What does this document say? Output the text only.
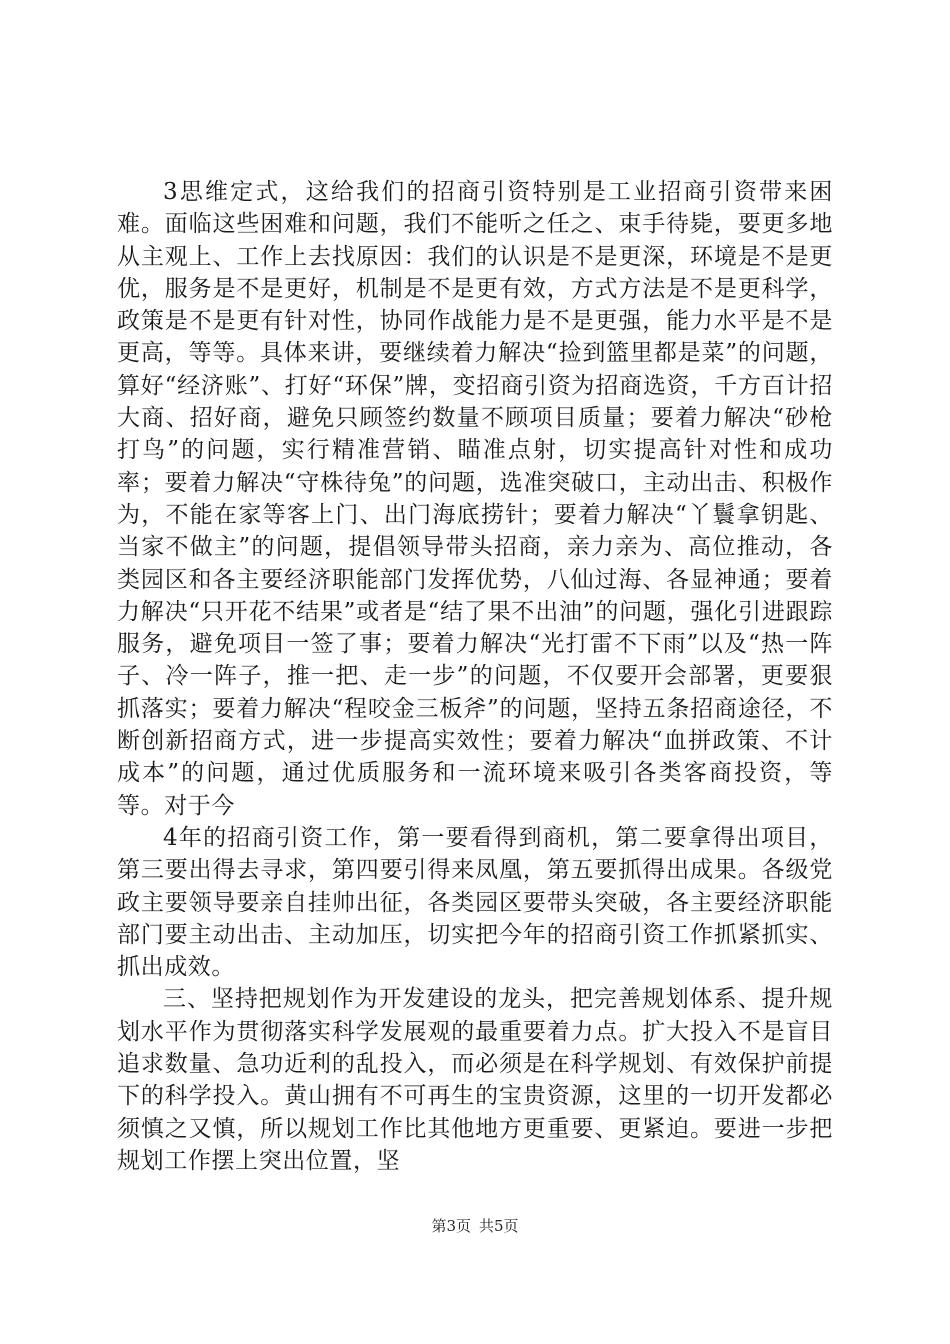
3思维定式，这给我们的招商引资特别是工业招商引资带来困难。面临这些困难和问题，我们不能听之任之、束手待毙，要更多地从主观上、工作上去找原因：我们的认识是不是更深，环境是不是更优，服务是不是更好，机制是不是更有效，方式方法是不是更科学，政策是不是更有针对性，协同作战能力是不是更强，能力水平是不是更高，等等。具体来讲，要继续着力解决“捡到篮里都是菜”的问题，算好“经济账”、打好“环保”牌，变招商引资为招商选资，千方百计招大商、招好商，避免只顾签约数量不顾项目质量；要着力解决“砂枪打鸟”的问题，实行精准营销、瞄准点射，切实提高针对性和成功率；要着力解决“守株待兔”的问题，选准突破口，主动出击、积极作为，不能在家等客上门、出门海底捞针；要着力解决“丫鬟拿钥匙、当家不做主”的问题，提倡领导带头招商，亲力亲为、高位推动，各类园区和各主要经济职能部门发挥优势，八仙过海、各显神通；要着力解决“只开花不结果”或者是“结了果不出油”的问题，强化引进跟踪服务，避免项目一签了事；要着力解决“光打雷不下雨”以及“热一阵子、冷一阵子，推一把、走一步”的问题，不仅要开会部署，更要狠抓落实；要着力解决“程咬金三板斧”的问题，坚持五条招商途径，不断创新招商方式，进一步提高实效性；要着力解决“血拼政策、不计成本”的问题，通过优质服务和一流环境来吸引各类客商投资，等等。对于今

4年的招商引资工作，第一要看得到商机，第二要拿得出项目，第三要出得去寻求，第四要引得来凤凰，第五要抓得出成果。各级党政主要领导要亲自挂帅出征，各类园区要带头突破，各主要经济职能部门要主动出击、主动加压，切实把今年的招商引资工作抓紧抓实、抓出成效。

三、坚持把规划作为开发建设的龙头，把完善规划体系、提升规划水平作为贯彻落实科学发展观的最重要着力点。扩大投入不是盲目追求数量、急功近利的乱投入，而必须是在科学规划、有效保护前提下的科学投入。黄山拥有不可再生的宝贵资源，这里的一切开发都必须慎之又慎，所以规划工作比其他地方更重要、更紧迫。要进一步把规划工作摆上突出位置，坚

第3页 共5页
